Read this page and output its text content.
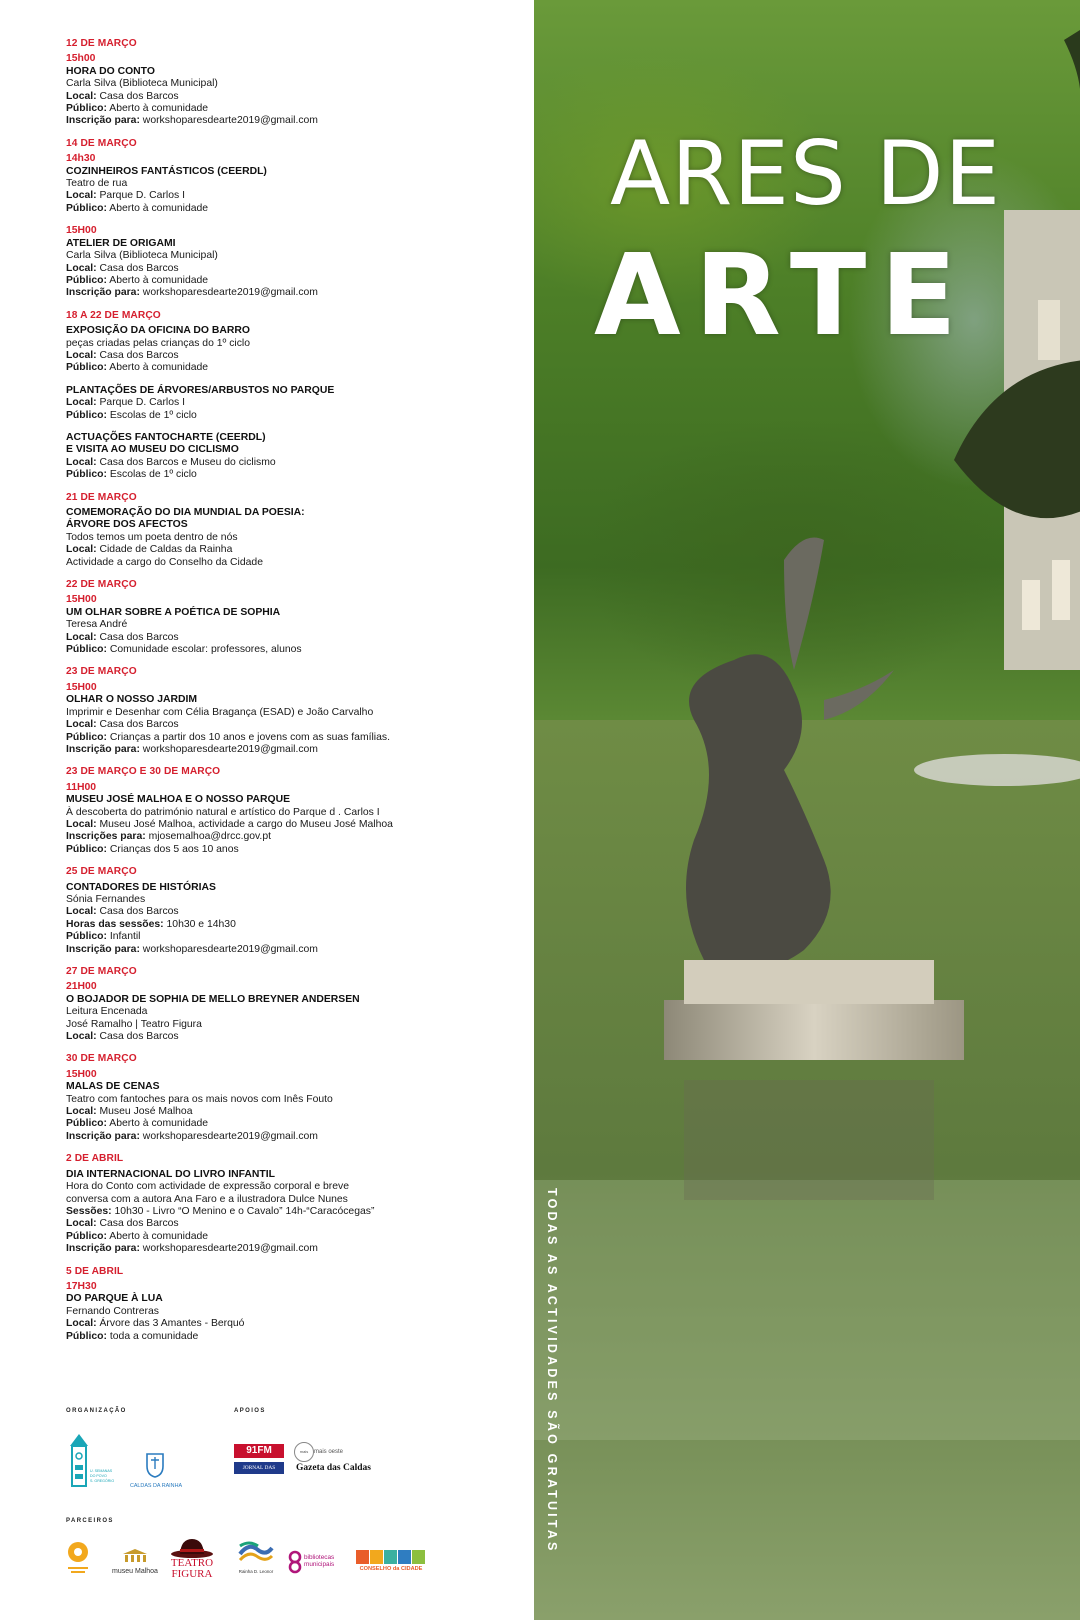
12 DE MARÇO
15h00
HORA DO CONTO
Carla Silva (Biblioteca Municipal)
Local: Casa dos Barcos
Público: Aberto à comunidade
Inscrição para: workshoparesdearte2019@gmail.com
14 DE MARÇO
14h30
COZINHEIROS FANTÁSTICOS (CEERDL)
Teatro de rua
Local: Parque D. Carlos I
Público: Aberto à comunidade
15H00
ATELIER DE ORIGAMI
Carla Silva (Biblioteca Municipal)
Local: Casa dos Barcos
Público: Aberto à comunidade
Inscrição para: workshoparesdearte2019@gmail.com
18 A 22 DE MARÇO
EXPOSIÇÃO DA OFICINA DO BARRO
peças criadas pelas crianças do 1º ciclo
Local: Casa dos Barcos
Público: Aberto à comunidade
PLANTAÇÕES DE ÁRVORES/ARBUSTOS NO PARQUE
Local: Parque D. Carlos I
Público: Escolas de 1º ciclo
ACTUAÇÕES FANTOCHARTE (CEERDL)
E VISITA AO MUSEU DO CICLISMO
Local: Casa dos Barcos e Museu do ciclismo
Público: Escolas de 1º ciclo
21 DE MARÇO
COMEMORAÇÃO DO DIA MUNDIAL DA POESIA:
ÁRVORE DOS AFECTOS
Todos temos um poeta dentro de nós
Local: Cidade de Caldas da Rainha
Actividade a cargo do Conselho da Cidade
22 DE MARÇO
15H00
UM OLHAR SOBRE A POÉTICA DE SOPHIA
Teresa André
Local: Casa dos Barcos
Público: Comunidade escolar: professores, alunos
23 DE MARÇO
15H00
OLHAR O NOSSO JARDIM
Imprimir e Desenhar com Célia Bragança (ESAD) e João Carvalho
Local: Casa dos Barcos
Público: Crianças a partir dos 10 anos e jovens com as suas famílias.
Inscrição para: workshoparesdearte2019@gmail.com
23 DE MARÇO E 30 DE MARÇO
11H00
MUSEU JOSÉ MALHOA E O NOSSO PARQUE
À descoberta do património natural e artístico do Parque d . Carlos I
Local: Museu José Malhoa, actividade a cargo do Museu José Malhoa
Inscrições para: mjosemalhoa@drcc.gov.pt
Público: Crianças dos 5 aos 10 anos
25 DE MARÇO
CONTADORES DE HISTÓRIAS
Sónia Fernandes
Local: Casa dos Barcos
Horas das sessões: 10h30 e 14h30
Público: Infantil
Inscrição para: workshoparesdearte2019@gmail.com
27 DE MARÇO
21H00
O BOJADOR DE SOPHIA DE MELLO BREYNER ANDERSEN
Leitura Encenada
José Ramalho | Teatro Figura
Local: Casa dos Barcos
30 DE MARÇO
15H00
MALAS DE CENAS
Teatro com fantoches para os mais novos com Inês Fouto
Local: Museu José Malhoa
Público: Aberto à comunidade
Inscrição para: workshoparesdearte2019@gmail.com
2 DE ABRIL
DIA INTERNACIONAL DO LIVRO INFANTIL
Hora do Conto com actividade de expressão corporal e breve
conversa com a autora Ana Faro e a ilustradora Dulce Nunes
Sessões: 10h30 - Livro “O Menino e o Cavalo” 14h-“Caracócegas”
Local: Casa dos Barcos
Público: Aberto à comunidade
Inscrição para: workshoparesdearte2019@gmail.com
5 DE ABRIL
17H30
DO PARQUE À LUA
Fernando Contreras
Local: Árvore das 3 Amantes - Berquó
Público: toda a comunidade
ORGANIZAÇÃO	APOIOS
U. SEMANAS
DO POVO
S. GREGÓRIO
CALDAS DA RAINHA
91FM
JORNAL DAS CALDAS
mais mais oeste
Gazeta das Caldas
PARCEIROS
museu Malhoa
TEATRO
FIGURA	Rainha D. Leonor
bibliotecas municipais
CONSELHO da CIDADE
ARES DE
ARTE
TODAS AS ACTIVIDADES SÃO GRATUITAS
